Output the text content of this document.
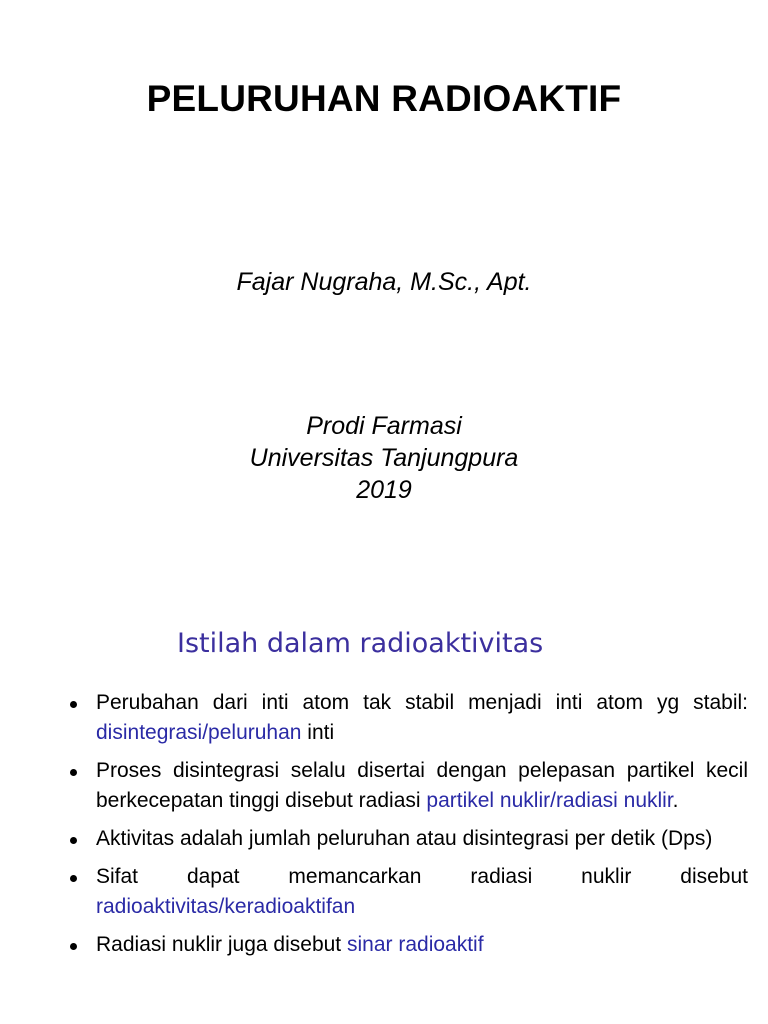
PELURUHAN RADIOAKTIF
Fajar Nugraha, M.Sc., Apt.
Prodi Farmasi
Universitas Tanjungpura
2019
Istilah dalam radioaktivitas
Perubahan dari inti atom tak stabil menjadi inti atom yg stabil: disintegrasi/peluruhan inti
Proses disintegrasi selalu disertai dengan pelepasan partikel kecil berkecepatan tinggi disebut radiasi partikel nuklir/radiasi nuklir.
Aktivitas adalah jumlah peluruhan atau disintegrasi per detik (Dps)
Sifat dapat memancarkan radiasi nuklir disebut radioaktivitas/keradioaktifan
Radiasi nuklir juga disebut sinar radioaktif
